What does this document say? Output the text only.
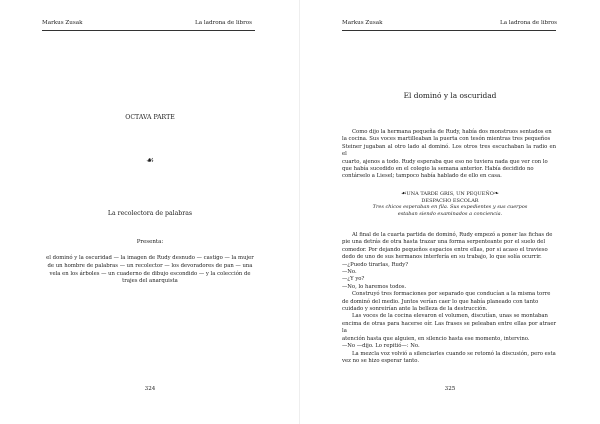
Markus Zusak	La ladrona de libros
OCTAVA PARTE
☙
La recolectora de palabras
Presenta:
el dominó y la oscuridad — la imagen de Rudy desnudo — castigo — la mujer
de un hombre de palabras — un recolector — los devoradores de pan — una
vela en los árboles — un cuaderno de dibujo escondido — y la colección de
trajes del anarquista
324
Markus Zusak	La ladrona de libros
El dominó y la oscuridad

Como dijo la hermana pequeña de Rudy, había dos monstruos sentados en

la cocina. Sus voces martilleaban la puerta con tesón mientras tres pequeños

Steiner jugaban al otro lado al dominó. Los otros tres escuchaban la radio en el

cuarto, ajenos a todo. Rudy esperaba que eso no tuviera nada que ver con lo

que había sucedido en el colegio la semana anterior. Había decidido no

contárselo a Liesel; tampoco había hablado de ello en casa.

☙UNA TARDE GRIS, UN PEQUEÑO❧
DESPACHO ESCOLAR
Tres chicos esperaban en fila. Sus expedientes y sus cuerpos
estaban siendo examinados a conciencia.

Al final de la cuarta partida de dominó, Rudy empezó a poner las fichas de

pie una detrás de otra hasta trazar una forma serpenteante por el suelo del

comedor. Por dejando pequeños espacios entre ellas, por si acaso el travieso

dedo de uno de sus hermanos interfería en su trabajo, lo que solía ocurrir.

—¿Puedo tirarlas, Rudy?

—No.

—¿Y yo?

—No, lo haremos todos.

Construyó tres formaciones por separado que conducían a la misma torre

de dominó del medio. Juntos verían caer lo que había planeado con tanto

cuidado y sonreirían ante la belleza de la destrucción.

Las voces de la cocina elevaron el volumen, discutían, unas se montaban

encima de otras para hacerse oír. Las frases se peleaban entre ellas por atraer la

atención hasta que alguien, en silencio hasta ese momento, intervino.

—No —dijo. Lo repitió—: No.

La mezcla voz volvió a silenciarles cuando se retomó la discusión, pero esta

vez no se hizo esperar tanto.

325
